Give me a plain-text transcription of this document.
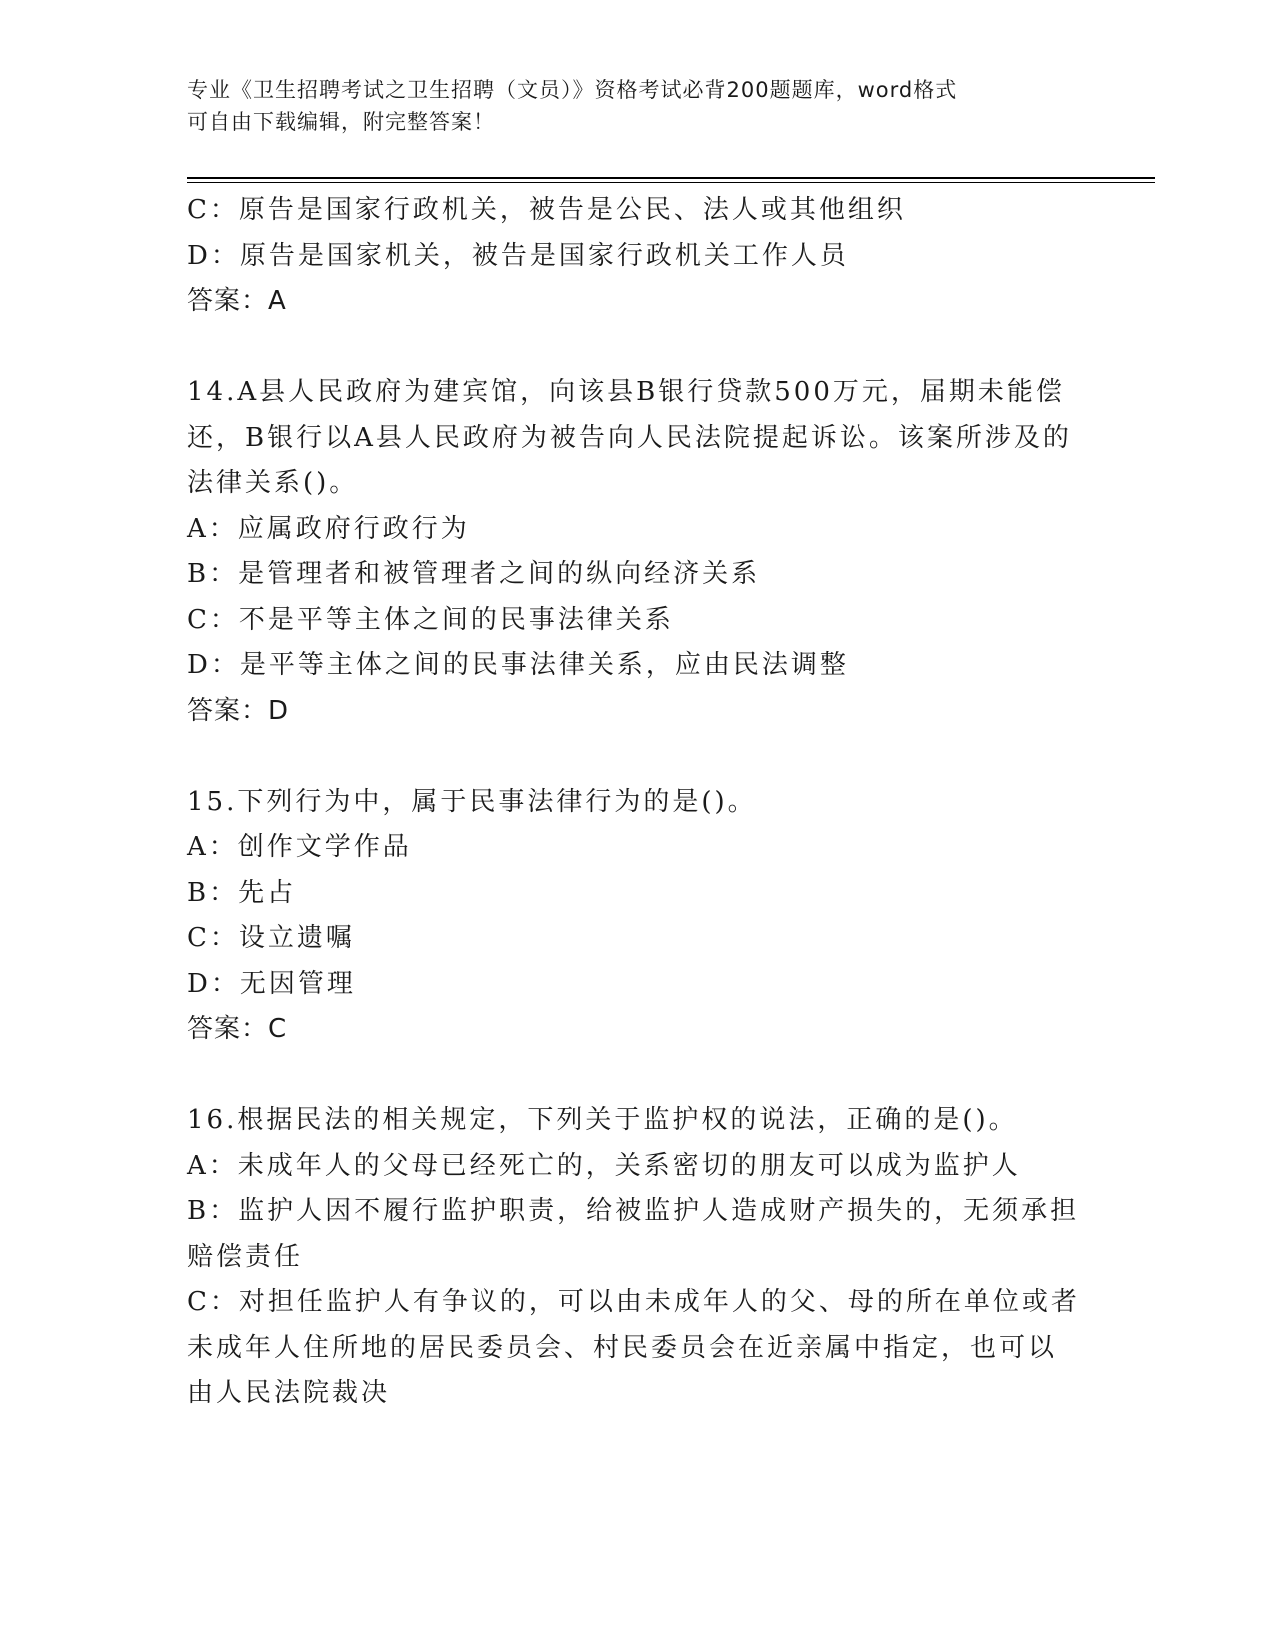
专业《卫生招聘考试之卫生招聘（文员）》资格考试必背200题题库，word格式
可自由下载编辑，附完整答案！
C：原告是国家行政机关，被告是公民、法人或其他组织
D：原告是国家机关，被告是国家行政机关工作人员
答案：A
14.A县人民政府为建宾馆，向该县B银行贷款500万元，届期未能偿
还，B银行以A县人民政府为被告向人民法院提起诉讼。该案所涉及的
法律关系()。
A：应属政府行政行为
B：是管理者和被管理者之间的纵向经济关系
C：不是平等主体之间的民事法律关系
D：是平等主体之间的民事法律关系，应由民法调整
答案：D
15.下列行为中，属于民事法律行为的是()。
A：创作文学作品
B：先占
C：设立遗嘱
D：无因管理
答案：C
16.根据民法的相关规定，下列关于监护权的说法，正确的是()。
A：未成年人的父母已经死亡的，关系密切的朋友可以成为监护人
B：监护人因不履行监护职责，给被监护人造成财产损失的，无须承担
赔偿责任
C：对担任监护人有争议的，可以由未成年人的父、母的所在单位或者
未成年人住所地的居民委员会、村民委员会在近亲属中指定，也可以
由人民法院裁决
